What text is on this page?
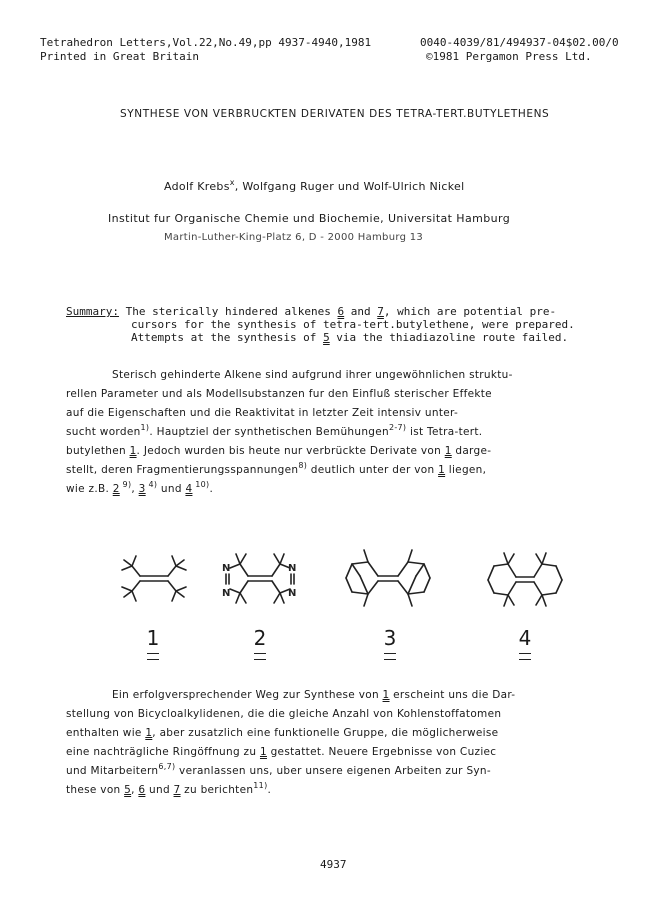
Tetrahedron Letters,Vol.22,No.49,pp 4937-4940,1981	0040-4039/81/494937-04$02.00/0
Printed in Great Britain	©1981 Pergamon Press Ltd.
SYNTHESE VON VERBRUCKTEN DERIVATEN DES TETRA-TERT.BUTYLETHENS
Adolf Krebs$^x$, Wolfgang Ruger und Wolf-Ulrich Nickel
Institut fur Organische Chemie und Biochemie, Universitat Hamburg
Martin-Luther-King-Platz 6, D - 2000 Hamburg 13
Summary: The sterically hindered alkenes 6 and 7, which are potential pre-
cursors for the synthesis of tetra-tert.butylethene, were prepared.
Attempts at the synthesis of 5 via the thiadiazoline route failed.

Sterisch gehinderte Alkene sind aufgrund ihrer ungewöhnlichen struktu-

rellen Parameter und als Modellsubstanzen fur den Einfluß sterischer Effekte

auf die Eigenschaften und die Reaktivitat in letzter Zeit intensiv unter-

sucht worden$^{1)}$. Hauptziel der synthetischen Bemühungen$^{2-7)}$ ist Tetra-tert.

butylethen 1. Jedoch wurden bis heute nur verbrückte Derivate von 1 darge-

stellt, deren Fragmentierungsspannungen$^{8)}$ deutlich unter der von 1 liegen,

wie z.B. 2 $^{9)}$, 3 $^{4)}$ und 4 $^{10)}$.

N
N
N
N
1	2	3	4

Ein erfolgversprechender Weg zur Synthese von 1 erscheint uns die Dar-

stellung von Bicycloalkylidenen, die die gleiche Anzahl von Kohlenstoffatomen

enthalten wie 1, aber zusatzlich eine funktionelle Gruppe, die möglicherweise

eine nachträgliche Ringöffnung zu 1 gestattet. Neuere Ergebnisse von Cuziec

und Mitarbeitern$^{6,7)}$ veranlassen uns, uber unsere eigenen Arbeiten zur Syn-

these von 5, 6 und 7 zu berichten$^{11)}$.

4937
